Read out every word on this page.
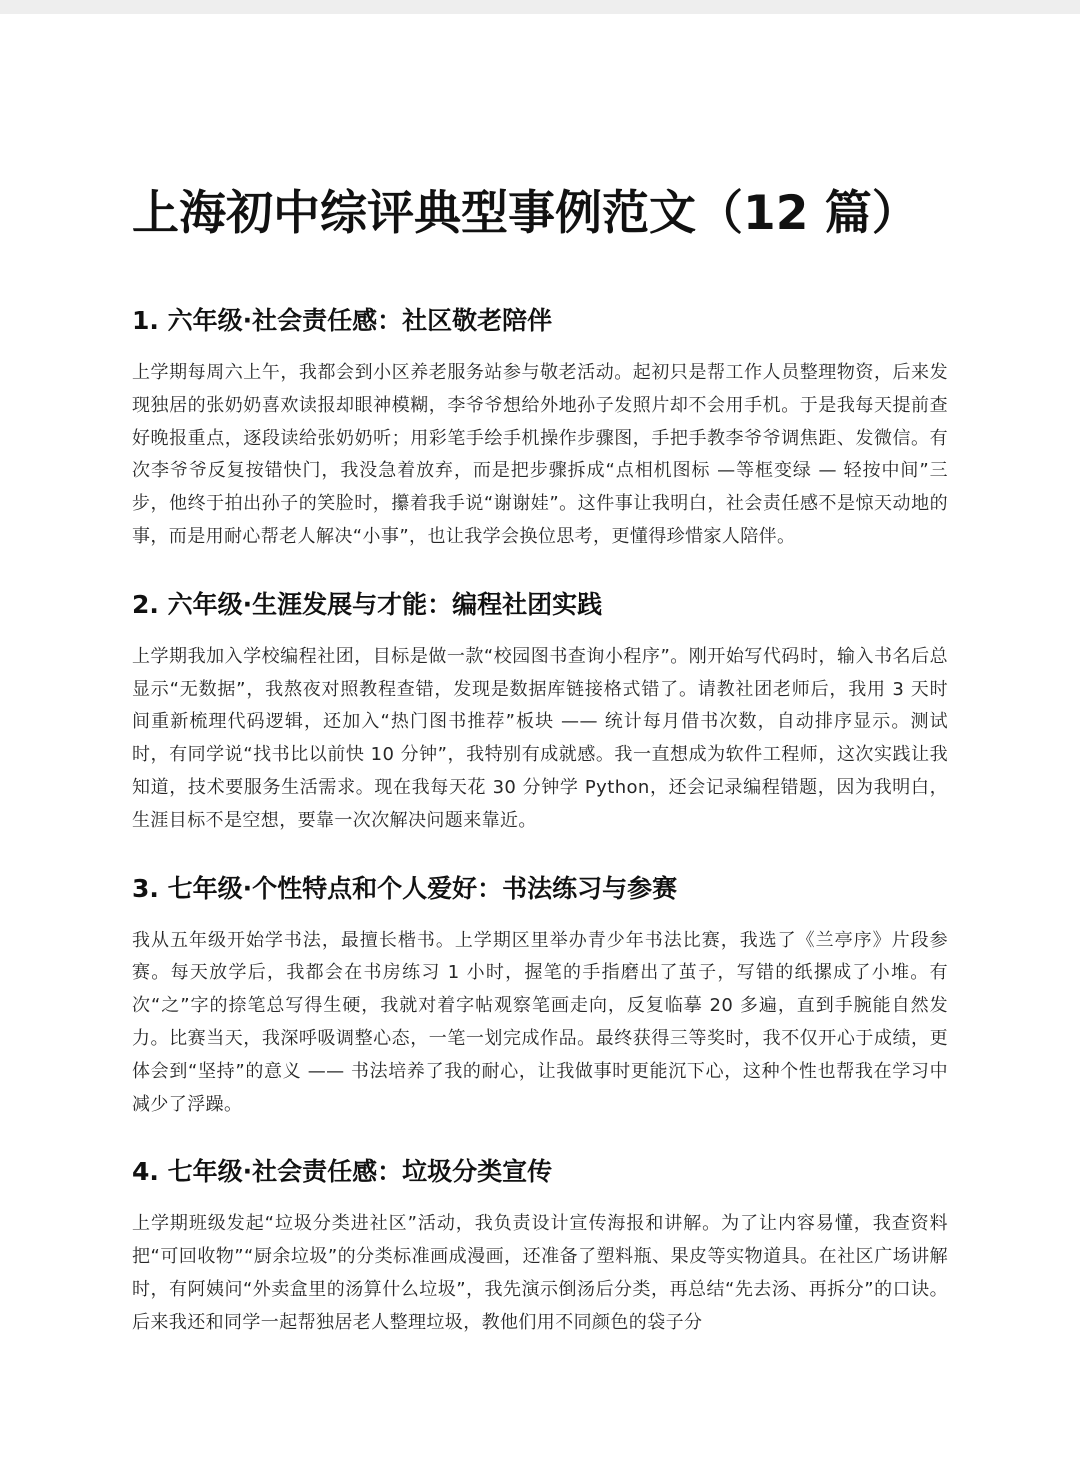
上海初中综评典型事例范文（12 篇）
1. 六年级·社会责任感：社区敬老陪伴

上学期每周六上午，我都会到小区养老服务站参与敬老活动。起初只是帮工作人员整理物资，后来发现独居的张奶奶喜欢读报却眼神模糊，李爷爷想给外地孙子发照片却不会用手机。于是我每天提前查好晚报重点，逐段读给张奶奶听；用彩笔手绘手机操作步骤图，手把手教李爷爷调焦距、发微信。有次李爷爷反复按错快门，我没急着放弃，而是把步骤拆成“点相机图标 —等框变绿 — 轻按中间”三步，他终于拍出孙子的笑脸时，攥着我手说“谢谢娃”。这件事让我明白，社会责任感不是惊天动地的事，而是用耐心帮老人解决“小事”，也让我学会换位思考，更懂得珍惜家人陪伴。

2. 六年级·生涯发展与才能：编程社团实践

上学期我加入学校编程社团，目标是做一款“校园图书查询小程序”。刚开始写代码时，输入书名后总显示“无数据”，我熬夜对照教程查错，发现是数据库链接格式错了。请教社团老师后，我用 3 天时间重新梳理代码逻辑，还加入“热门图书推荐”板块 —— 统计每月借书次数，自动排序显示。测试时，有同学说“找书比以前快 10 分钟”，我特别有成就感。我一直想成为软件工程师，这次实践让我知道，技术要服务生活需求。现在我每天花 30 分钟学 Python，还会记录编程错题，因为我明白，生涯目标不是空想，要靠一次次解决问题来靠近。

3. 七年级·个性特点和个人爱好：书法练习与参赛

我从五年级开始学书法，最擅长楷书。上学期区里举办青少年书法比赛，我选了《兰亭序》片段参赛。每天放学后，我都会在书房练习 1 小时，握笔的手指磨出了茧子，写错的纸摞成了小堆。有次“之”字的捺笔总写得生硬，我就对着字帖观察笔画走向，反复临摹 20 多遍，直到手腕能自然发力。比赛当天，我深呼吸调整心态，一笔一划完成作品。最终获得三等奖时，我不仅开心于成绩，更体会到“坚持”的意义 —— 书法培养了我的耐心，让我做事时更能沉下心，这种个性也帮我在学习中减少了浮躁。

4. 七年级·社会责任感：垃圾分类宣传

上学期班级发起“垃圾分类进社区”活动，我负责设计宣传海报和讲解。为了让内容易懂，我查资料把“可回收物”“厨余垃圾”的分类标准画成漫画，还准备了塑料瓶、果皮等实物道具。在社区广场讲解时，有阿姨问“外卖盒里的汤算什么垃圾”，我先演示倒汤后分类，再总结“先去汤、再拆分”的口诀。后来我还和同学一起帮独居老人整理垃圾，教他们用不同颜色的袋子分
